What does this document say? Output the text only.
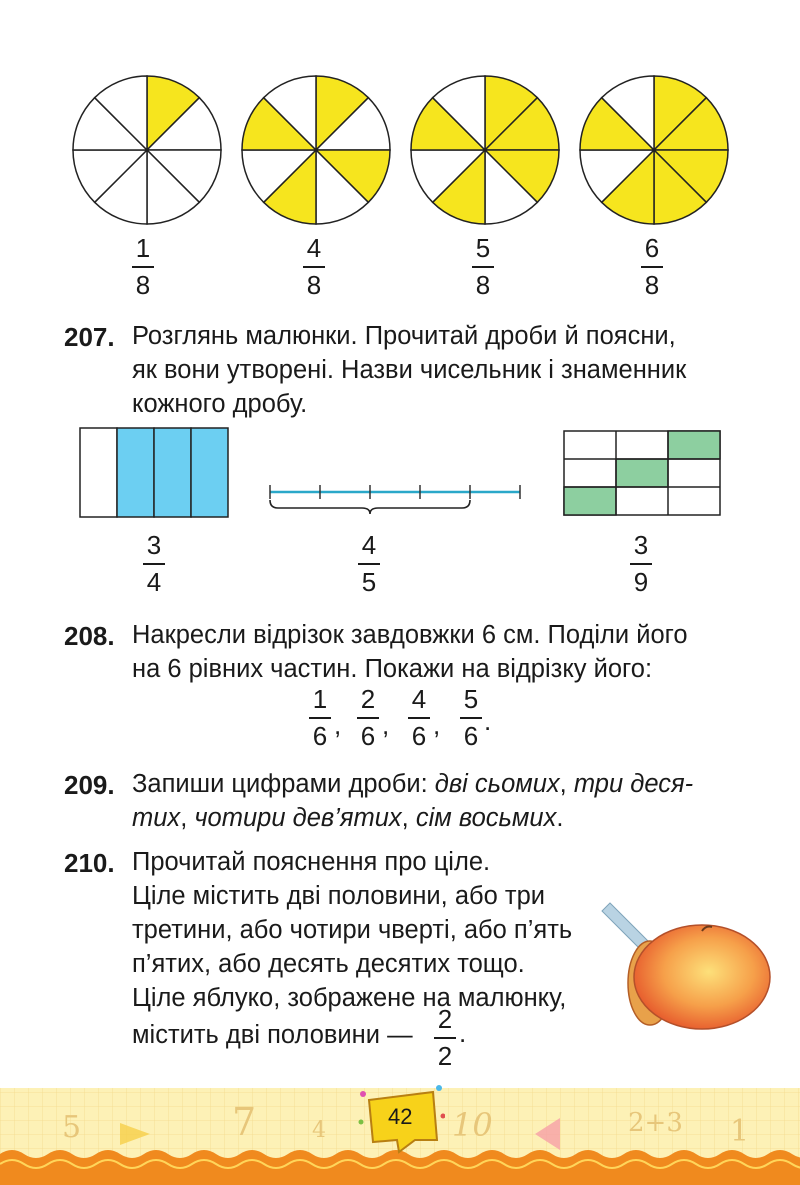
1
8
4
8
5
8
6
8
207. Розглянь малюнки. Прочитай дроби й поясни,
як вони утворені. Назви чисельник і знаменник
кожного дробу.
3
4
4
5
3
9
208. Накресли відрізок завдовжки 6 см. Поділи його
на 6 рівних частин. Покажи на відрізку його:
1
6 ,
2
6 ,
4
6 ,
5
6 .
209. Запиши цифрами дроби: дві сьомих, три деся-
тих, чотири дев’ятих, сім восьмих.
210. Прочитай пояснення про ціле.
Ціле містить дві половини, або три
третини, або чотири чверті, або п’ять
п’ятих, або десять десятих тощо.
Ціле яблуко, зображене на малюнку,
містить дві половини —
2
2
.
5	7	4	10	2+3 1
42
